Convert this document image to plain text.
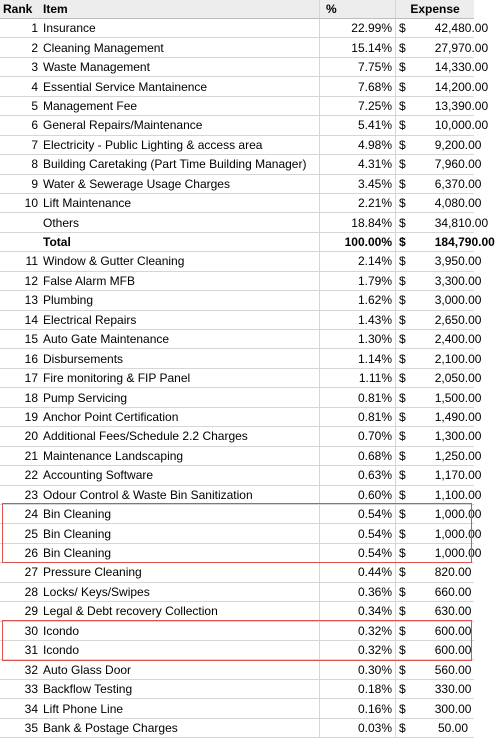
Rank	Item	%	Expense	
1	Insurance	22.99%	$	42,480.00
2	Cleaning Management	15.14%	$	27,970.00
3	Waste Management	7.75%	$	14,330.00
4	Essential Service Mantainence	7.68%	$	14,200.00
5	Management Fee	7.25%	$	13,390.00
6	General Repairs/Maintenance	5.41%	$	10,000.00
7	Electricity - Public Lighting & access area	4.98%	$	9,200.00
8	Building Caretaking (Part Time Building Manager)	4.31%	$	7,960.00
9	Water & Sewerage Usage Charges	3.45%	$	6,370.00
10	Lift Maintenance	2.21%	$	4,080.00
	Others	18.84%	$	34,810.00
	Total	100.00%	$	184,790.00
11	Window & Gutter Cleaning	2.14%	$	3,950.00
12	False Alarm MFB	1.79%	$	3,300.00
13	Plumbing	1.62%	$	3,000.00
14	Electrical Repairs	1.43%	$	2,650.00
15	Auto Gate Maintenance	1.30%	$	2,400.00
16	Disbursements	1.14%	$	2,100.00
17	Fire monitoring & FIP Panel	1.11%	$	2,050.00
18	Pump Servicing	0.81%	$	1,500.00
19	Anchor Point Certification	0.81%	$	1,490.00
20	Additional Fees/Schedule 2.2 Charges	0.70%	$	1,300.00
21	Maintenance Landscaping	0.68%	$	1,250.00
22	Accounting Software	0.63%	$	1,170.00
23	Odour Control & Waste Bin Sanitization	0.60%	$	1,100.00
24	Bin Cleaning	0.54%	$	1,000.00
25	Bin Cleaning	0.54%	$	1,000.00
26	Bin Cleaning	0.54%	$	1,000.00
27	Pressure Cleaning	0.44%	$	820.00
28	Locks/ Keys/Swipes	0.36%	$	660.00
29	Legal & Debt recovery Collection	0.34%	$	630.00
30	Icondo	0.32%	$	600.00
31	Icondo	0.32%	$	600.00
32	Auto Glass Door	0.30%	$	560.00
33	Backflow Testing	0.18%	$	330.00
34	Lift Phone Line	0.16%	$	300.00
35	Bank & Postage Charges	0.03%	$	50.00
